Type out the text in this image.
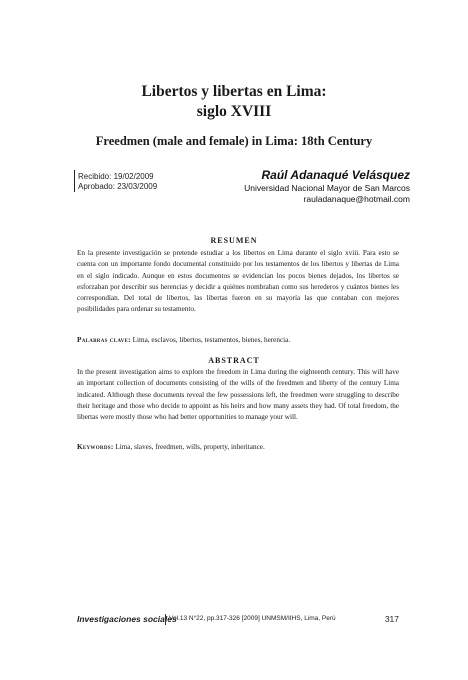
Libertos y libertas en Lima:
siglo XVIII
Freedmen (male and female) in Lima: 18th Century
Recibido: 19/02/2009
Aprobado: 23/03/2009
Raúl Adanaqué Velásquez
Universidad Nacional Mayor de San Marcos
rauladanaque@hotmail.com
RESUMEN
En la presente investigación se pretende estudiar a los libertos en Lima durante el siglo xviii. Para esto se cuenta con un importante fondo documental constituido por los testamentos de los libertos y libertas de Lima en el siglo indicado. Aunque en estos documentos se evidencian los pocos bienes dejados, los libertos se esforzaban por describir sus herencias y decidir a quiénes nombraban como sus herederos y cuántos bienes les correspondían. Del total de libertos, las libertas fueron en su mayoría las que contaban con mejores posibilidades para ordenar su testamento.
Palabras clave: Lima, esclavos, libertos, testamentos, bienes, herencia.
ABSTRACT
In the present investigation aims to explore the freedom in Lima during the eighteenth century. This will have an important collection of documents consisting of the wills of the freedmen and liberty of the century Lima indicated. Although these documents reveal the few possessions left, the freedmen were struggling to describe their heritage and those who decide to appoint as his heirs and how many assets they had. Of total freedom, the libertas were mostly those who had better opportunities to manage your will.
Keywords: Lima, slaves, freedmen, wills, property, inheritance.
Investigaciones sociales
Vol.13 N°22, pp.317-326 [2009] UNMSM/IIHS, Lima, Perú	317
